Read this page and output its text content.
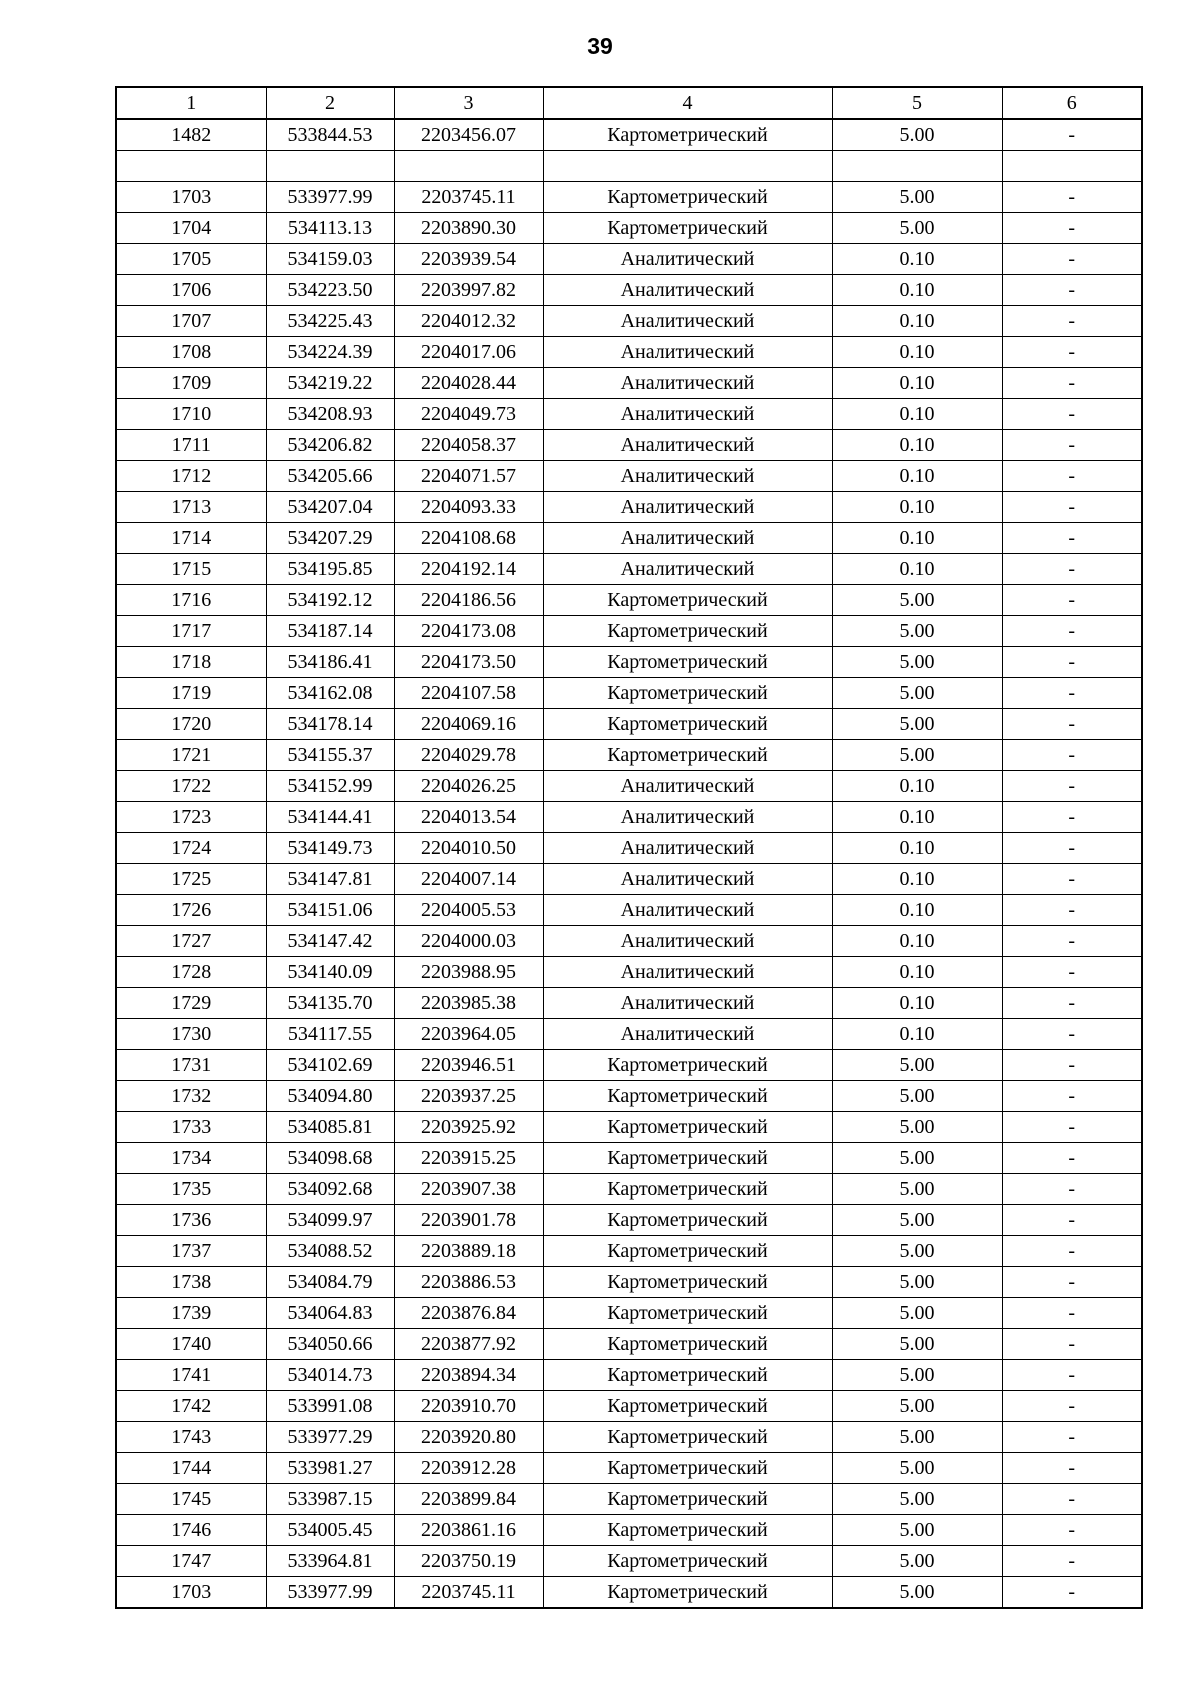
39
1	2	3	4	5	6
1482	533844.53	2203456.07	Картометрический	5.00	-

1703	533977.99	2203745.11	Картометрический	5.00	-
1704	534113.13	2203890.30	Картометрический	5.00	-
1705	534159.03	2203939.54	Аналитический	0.10	-
1706	534223.50	2203997.82	Аналитический	0.10	-
1707	534225.43	2204012.32	Аналитический	0.10	-
1708	534224.39	2204017.06	Аналитический	0.10	-
1709	534219.22	2204028.44	Аналитический	0.10	-
1710	534208.93	2204049.73	Аналитический	0.10	-
1711	534206.82	2204058.37	Аналитический	0.10	-
1712	534205.66	2204071.57	Аналитический	0.10	-
1713	534207.04	2204093.33	Аналитический	0.10	-
1714	534207.29	2204108.68	Аналитический	0.10	-
1715	534195.85	2204192.14	Аналитический	0.10	-
1716	534192.12	2204186.56	Картометрический	5.00	-
1717	534187.14	2204173.08	Картометрический	5.00	-
1718	534186.41	2204173.50	Картометрический	5.00	-
1719	534162.08	2204107.58	Картометрический	5.00	-
1720	534178.14	2204069.16	Картометрический	5.00	-
1721	534155.37	2204029.78	Картометрический	5.00	-
1722	534152.99	2204026.25	Аналитический	0.10	-
1723	534144.41	2204013.54	Аналитический	0.10	-
1724	534149.73	2204010.50	Аналитический	0.10	-
1725	534147.81	2204007.14	Аналитический	0.10	-
1726	534151.06	2204005.53	Аналитический	0.10	-
1727	534147.42	2204000.03	Аналитический	0.10	-
1728	534140.09	2203988.95	Аналитический	0.10	-
1729	534135.70	2203985.38	Аналитический	0.10	-
1730	534117.55	2203964.05	Аналитический	0.10	-
1731	534102.69	2203946.51	Картометрический	5.00	-
1732	534094.80	2203937.25	Картометрический	5.00	-
1733	534085.81	2203925.92	Картометрический	5.00	-
1734	534098.68	2203915.25	Картометрический	5.00	-
1735	534092.68	2203907.38	Картометрический	5.00	-
1736	534099.97	2203901.78	Картометрический	5.00	-
1737	534088.52	2203889.18	Картометрический	5.00	-
1738	534084.79	2203886.53	Картометрический	5.00	-
1739	534064.83	2203876.84	Картометрический	5.00	-
1740	534050.66	2203877.92	Картометрический	5.00	-
1741	534014.73	2203894.34	Картометрический	5.00	-
1742	533991.08	2203910.70	Картометрический	5.00	-
1743	533977.29	2203920.80	Картометрический	5.00	-
1744	533981.27	2203912.28	Картометрический	5.00	-
1745	533987.15	2203899.84	Картометрический	5.00	-
1746	534005.45	2203861.16	Картометрический	5.00	-
1747	533964.81	2203750.19	Картометрический	5.00	-
1703	533977.99	2203745.11	Картометрический	5.00	-
